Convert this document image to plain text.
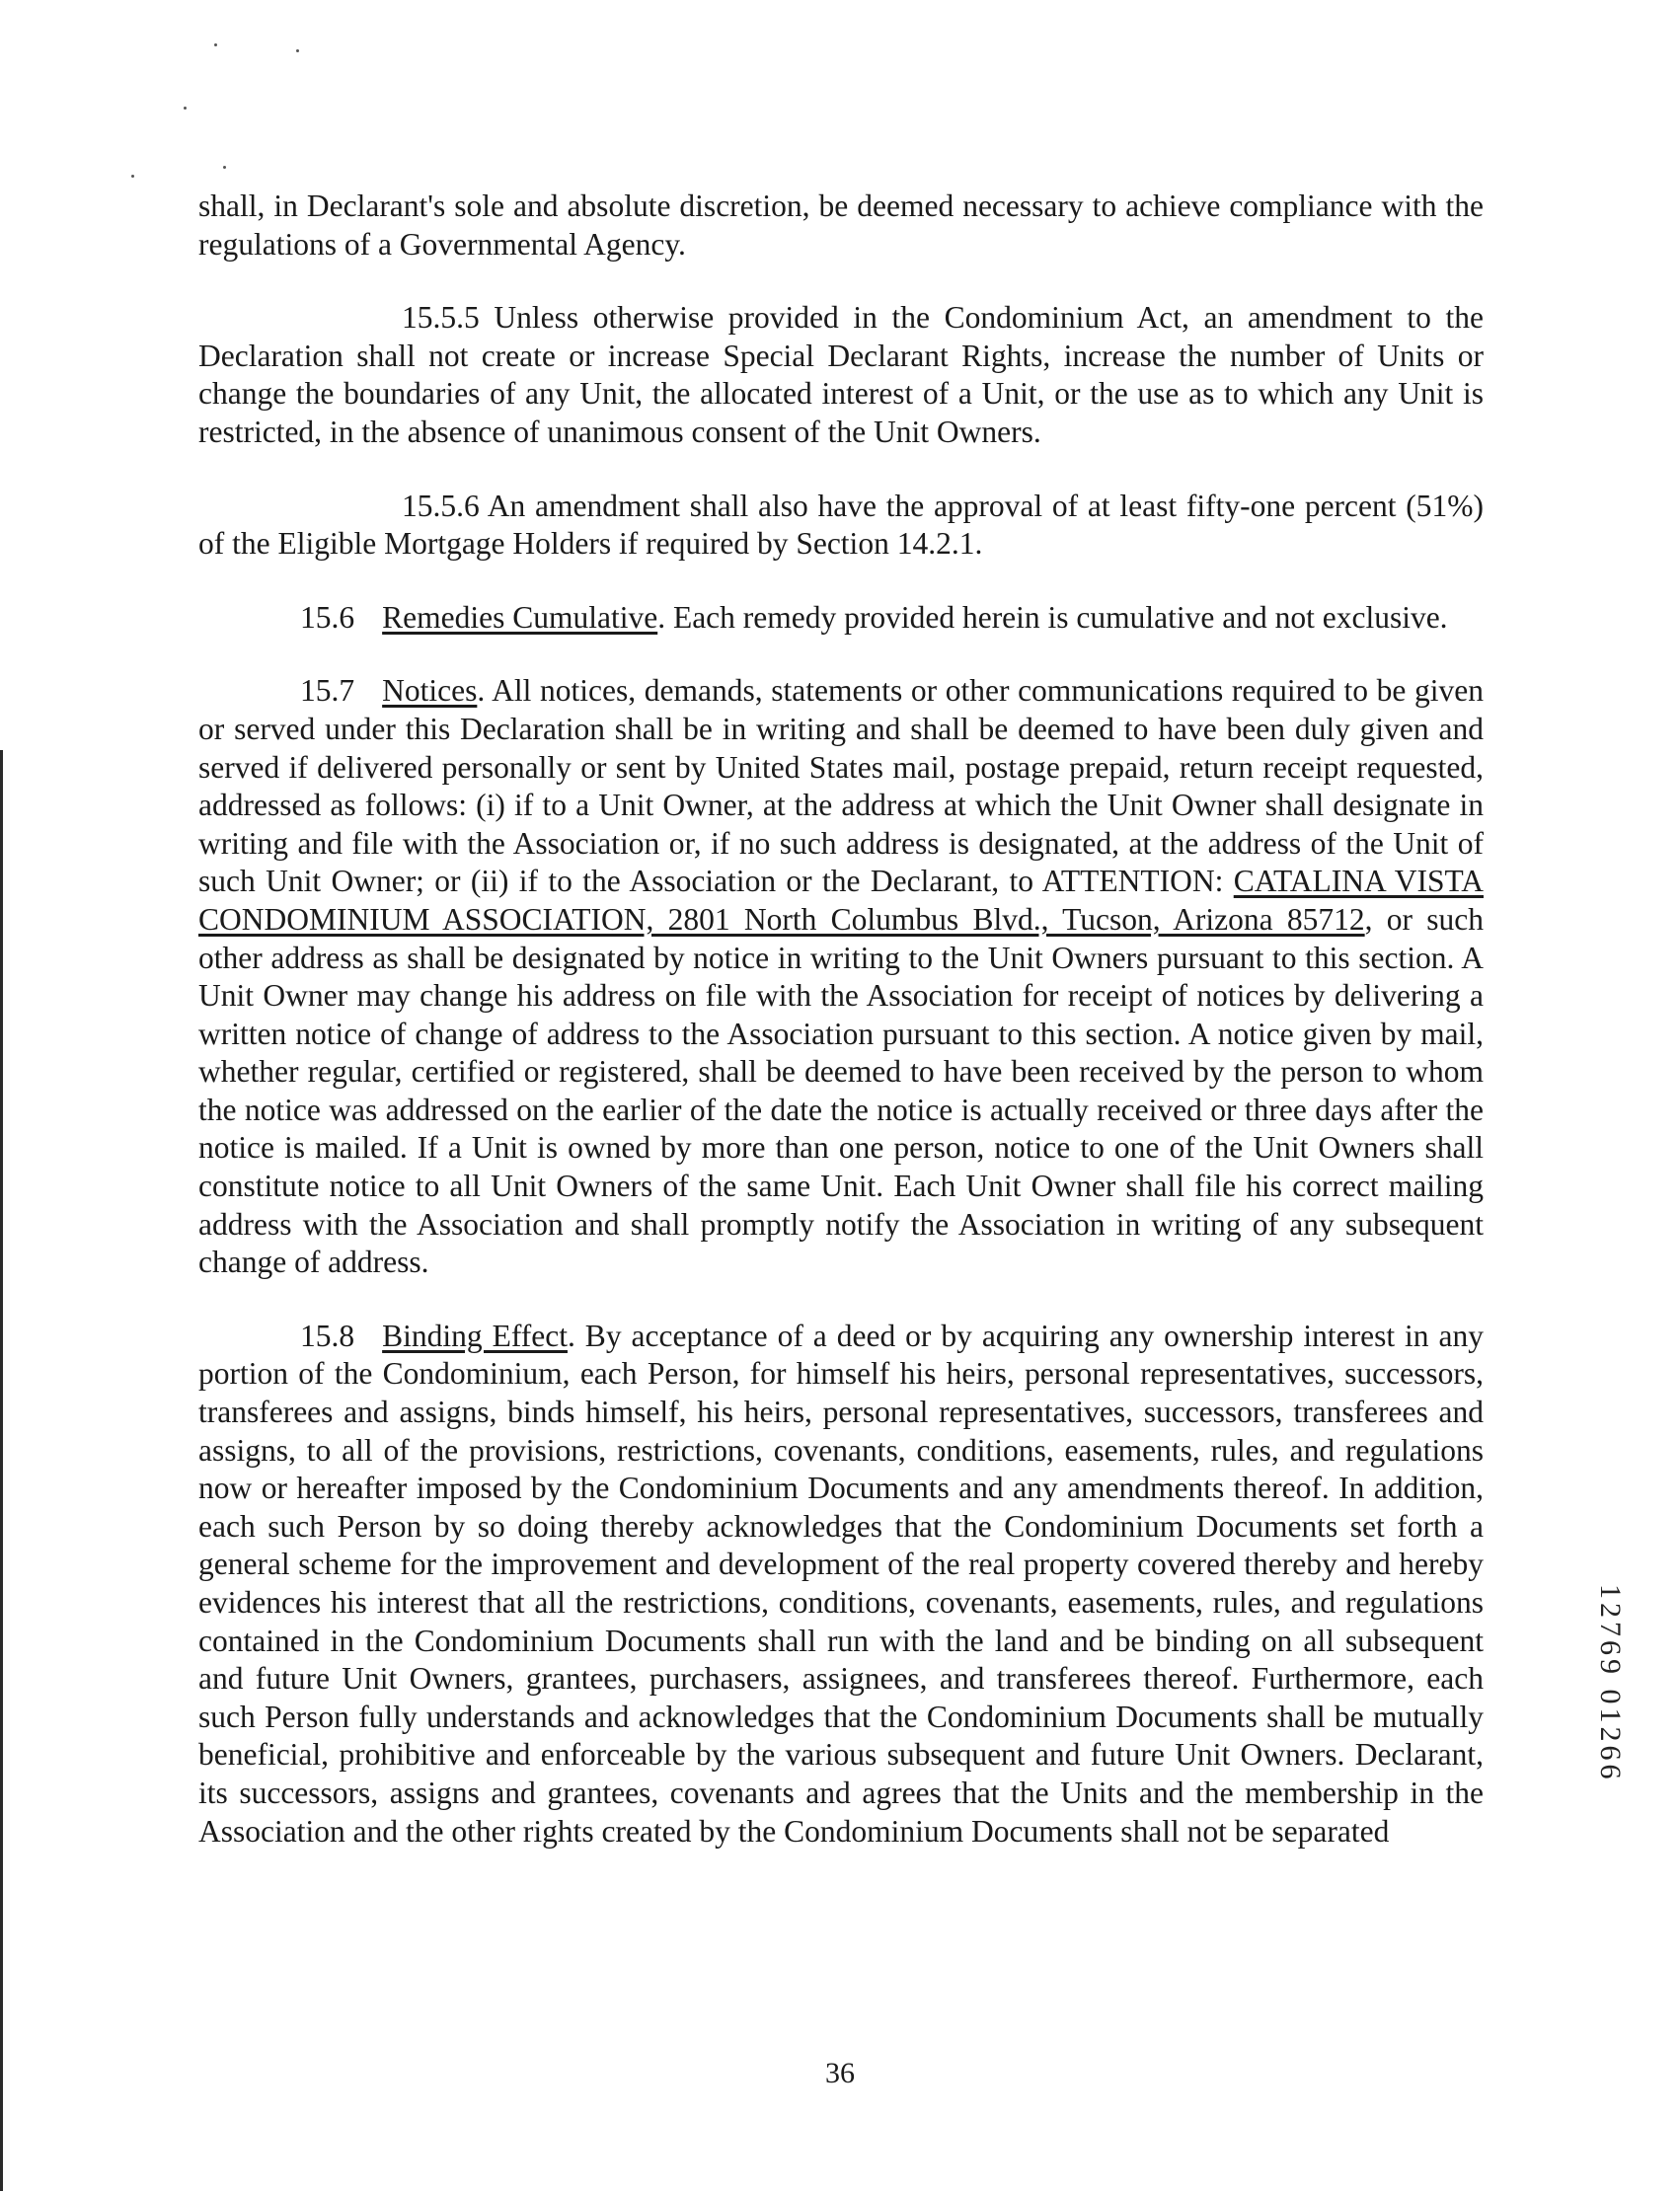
shall, in Declarant's sole and absolute discretion, be deemed necessary to achieve compliance with the regulations of a Governmental Agency.

15.5.5 Unless otherwise provided in the Condominium Act, an amendment to the Declaration shall not create or increase Special Declarant Rights, increase the number of Units or change the boundaries of any Unit, the allocated interest of a Unit, or the use as to which any Unit is restricted, in the absence of unanimous consent of the Unit Owners.

15.5.6 An amendment shall also have the approval of at least fifty-one percent (51%) of the Eligible Mortgage Holders if required by Section 14.2.1.

15.6 Remedies Cumulative. Each remedy provided herein is cumulative and not exclusive.

15.7 Notices. All notices, demands, statements or other communications required to be given or served under this Declaration shall be in writing and shall be deemed to have been duly given and served if delivered personally or sent by United States mail, postage prepaid, return receipt requested, addressed as follows: (i) if to a Unit Owner, at the address at which the Unit Owner shall designate in writing and file with the Association or, if no such address is designated, at the address of the Unit of such Unit Owner; or (ii) if to the Association or the Declarant, to ATTENTION: CATALINA VISTA CONDOMINIUM ASSOCIATION, 2801 North Columbus Blvd., Tucson, Arizona 85712, or such other address as shall be designated by notice in writing to the Unit Owners pursuant to this section. A Unit Owner may change his address on file with the Association for receipt of notices by delivering a written notice of change of address to the Association pursuant to this section. A notice given by mail, whether regular, certified or registered, shall be deemed to have been received by the person to whom the notice was addressed on the earlier of the date the notice is actually received or three days after the notice is mailed. If a Unit is owned by more than one person, notice to one of the Unit Owners shall constitute notice to all Unit Owners of the same Unit. Each Unit Owner shall file his correct mailing address with the Association and shall promptly notify the Association in writing of any subsequent change of address.

15.8 Binding Effect. By acceptance of a deed or by acquiring any ownership interest in any portion of the Condominium, each Person, for himself his heirs, personal representatives, successors, transferees and assigns, binds himself, his heirs, personal representatives, successors, transferees and assigns, to all of the provisions, restrictions, covenants, conditions, easements, rules, and regulations now or hereafter imposed by the Condominium Documents and any amendments thereof. In addition, each such Person by so doing thereby acknowledges that the Condominium Documents set forth a general scheme for the improvement and development of the real property covered thereby and hereby evidences his interest that all the restrictions, conditions, covenants, easements, rules, and regulations contained in the Condominium Documents shall run with the land and be binding on all subsequent and future Unit Owners, grantees, purchasers, assignees, and transferees thereof. Furthermore, each such Person fully understands and acknowledges that the Condominium Documents shall be mutually beneficial, prohibitive and enforceable by the various subsequent and future Unit Owners. Declarant, its successors, assigns and grantees, covenants and agrees that the Units and the membership in the Association and the other rights created by the Condominium Documents shall not be separated

12769 01266
36
